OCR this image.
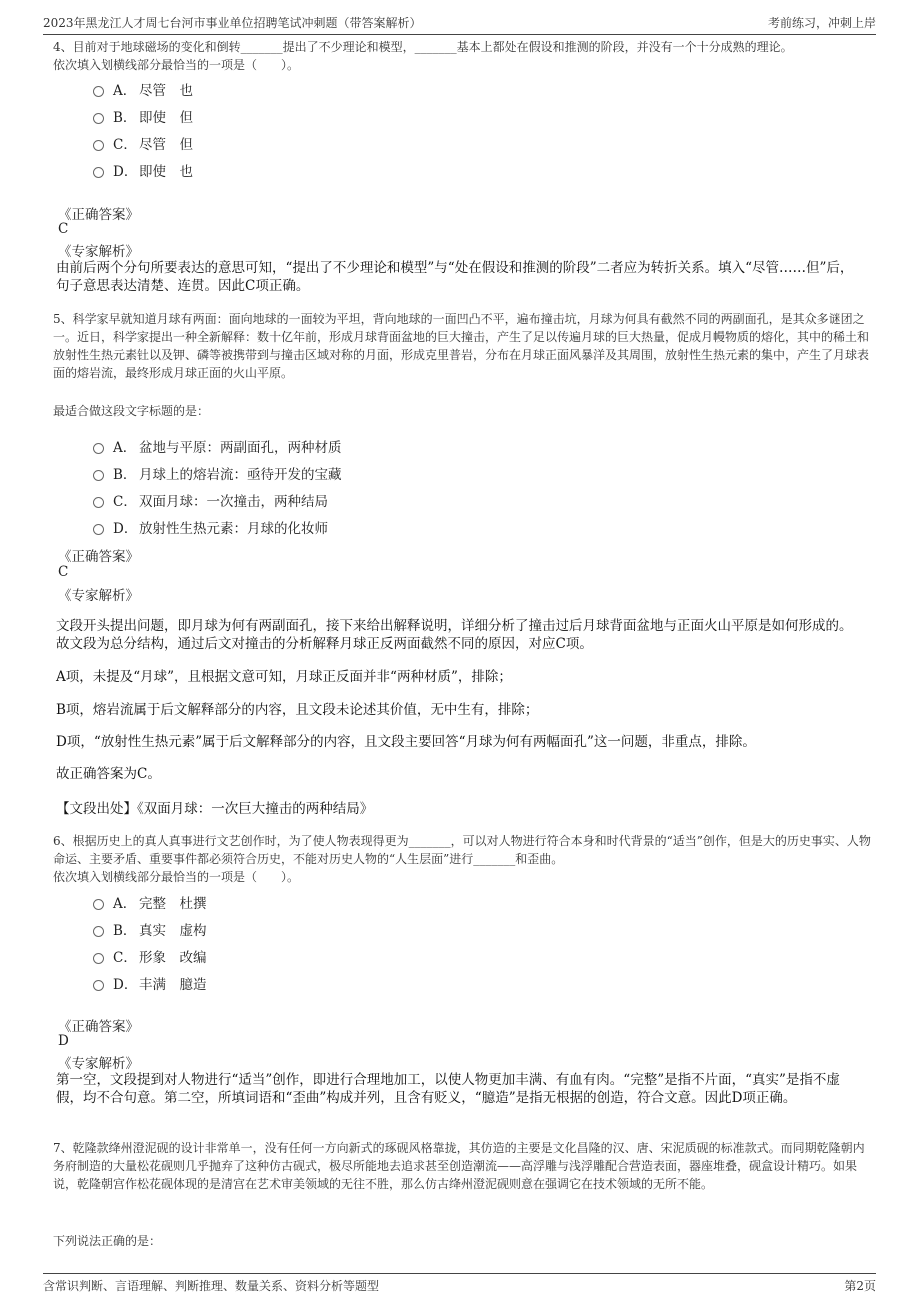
2023年黑龙江人才周七台河市事业单位招聘笔试冲刺题（带答案解析）	考前练习，冲刺上岸
4、目前对于地球磁场的变化和倒转_______提出了不少理论和模型，_______基本上都处在假设和推测的阶段，并没有一个十分成熟的理论。
依次填入划横线部分最恰当的一项是（　　）。
A． 尽管　也
B． 即使　但
C． 尽管　但
D． 即使　也
《正确答案》
C
《专家解析》
由前后两个分句所要表达的意思可知，“提出了不少理论和模型”与“处在假设和推测的阶段”二者应为转折关系。填入“尽管……但”后，句子意思表达清楚、连贯。因此C项正确。
5、科学家早就知道月球有两面：面向地球的一面较为平坦，背向地球的一面凹凸不平，遍布撞击坑，月球为何具有截然不同的两副面孔，是其众多谜团之一。近日，科学家提出一种全新解释：数十亿年前，形成月球背面盆地的巨大撞击，产生了足以传遍月球的巨大热量，促成月幔物质的熔化，其中的稀土和放射性生热元素钍以及钾、磷等被携带到与撞击区域对称的月面，形成克里普岩，分布在月球正面风暴洋及其周围，放射性生热元素的集中，产生了月球表面的熔岩流，最终形成月球正面的火山平原。
最适合做这段文字标题的是：
A． 盆地与平原：两副面孔，两种材质
B． 月球上的熔岩流：亟待开发的宝藏
C． 双面月球：一次撞击，两种结局
D． 放射性生热元素：月球的化妆师
《正确答案》
C
《专家解析》
文段开头提出问题，即月球为何有两副面孔，接下来给出解释说明，详细分析了撞击过后月球背面盆地与正面火山平原是如何形成的。故文段为总分结构，通过后文对撞击的分析解释月球正反两面截然不同的原因，对应C项。
A项，未提及“月球”，且根据文意可知，月球正反面并非“两种材质”，排除；
B项，熔岩流属于后文解释部分的内容，且文段未论述其价值，无中生有，排除；
D项，“放射性生热元素”属于后文解释部分的内容，且文段主要回答“月球为何有两幅面孔”这一问题，非重点，排除。
故正确答案为C。
【文段出处】《双面月球：一次巨大撞击的两种结局》
6、根据历史上的真人真事进行文艺创作时，为了使人物表现得更为_______，可以对人物进行符合本身和时代背景的“适当”创作，但是大的历史事实、人物命运、主要矛盾、重要事件都必须符合历史，不能对历史人物的“人生层面”进行_______和歪曲。
依次填入划横线部分最恰当的一项是（　　）。
A． 完整　杜撰
B． 真实　虚构
C． 形象　改编
D． 丰满　臆造
《正确答案》
D
《专家解析》
第一空，文段提到对人物进行“适当”创作，即进行合理地加工，以使人物更加丰满、有血有肉。“完整”是指不片面，“真实”是指不虚假，均不合句意。第二空，所填词语和“歪曲”构成并列，且含有贬义，“臆造”是指无根据的创造，符合文意。因此D项正确。
7、乾隆款绛州澄泥砚的设计非常单一，没有任何一方向新式的琢砚风格靠拢，其仿造的主要是文化昌隆的汉、唐、宋泥质砚的标准款式。而同期乾隆朝内务府制造的大量松花砚则几乎抛弃了这种仿古砚式，极尽所能地去追求甚至创造潮流——高浮雕与浅浮雕配合营造表面，器座堆叠，砚盒设计精巧。如果说，乾隆朝宫作松花砚体现的是清宫在艺术审美领域的无往不胜，那么仿古绛州澄泥砚则意在强调它在技术领域的无所不能。
下列说法正确的是：
含常识判断、言语理解、判断推理、数量关系、资料分析等题型	第2页
